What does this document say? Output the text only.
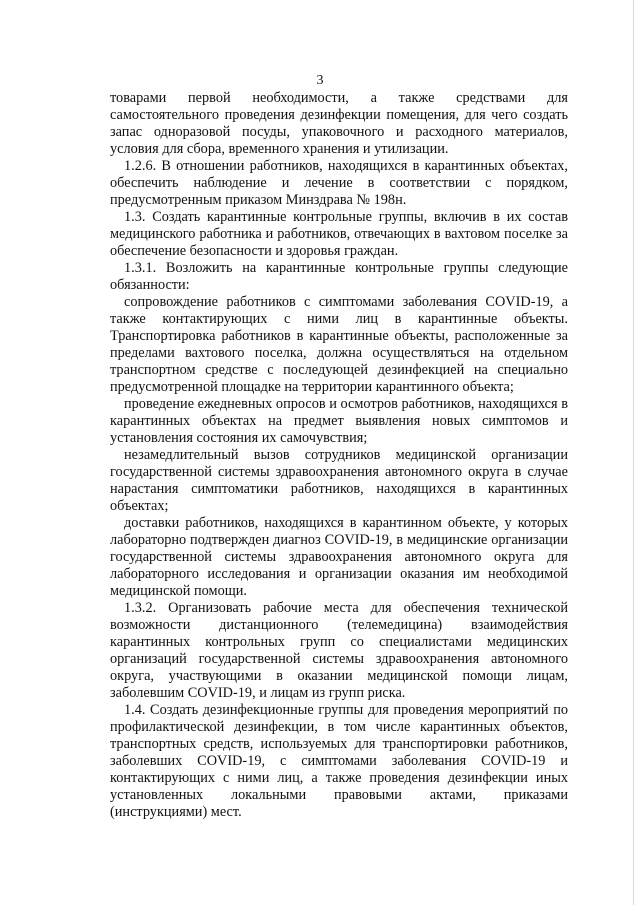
3

товарами первой необходимости, а также средствами для самостоятельного проведения дезинфекции помещения, для чего создать запас одноразовой посуды, упаковочного и расходного материалов, условия для сбора, временного хранения и утилизации.

1.2.6. В отношении работников, находящихся в карантинных объектах, обеспечить наблюдение и лечение в соответствии с порядком, предусмотренным приказом Минздрава № 198н.

1.3. Создать карантинные контрольные группы, включив в их состав медицинского работника и работников, отвечающих в вахтовом поселке за обеспечение безопасности и здоровья граждан.

1.3.1. Возложить на карантинные контрольные группы следующие обязанности:

сопровождение работников с симптомами заболевания COVID-19, а также контактирующих с ними лиц в карантинные объекты. Транспортировка работников в карантинные объекты, расположенные за пределами вахтового поселка, должна осуществляться на отдельном транспортном средстве с последующей дезинфекцией на специально предусмотренной площадке на территории карантинного объекта;

проведение ежедневных опросов и осмотров работников, находящихся в карантинных объектах на предмет выявления новых симптомов и установления состояния их самочувствия;

незамедлительный вызов сотрудников медицинской организации государственной системы здравоохранения автономного округа в случае нарастания симптоматики работников, находящихся в карантинных объектах;

доставки работников, находящихся в карантинном объекте, у которых лабораторно подтвержден диагноз COVID-19, в медицинские организации государственной системы здравоохранения автономного округа для лабораторного исследования и организации оказания им необходимой медицинской помощи.

1.3.2. Организовать рабочие места для обеспечения технической возможности дистанционного (телемедицина) взаимодействия карантинных контрольных групп со специалистами медицинских организаций государственной системы здравоохранения автономного округа, участвующими в оказании медицинской помощи лицам, заболевшим COVID-19, и лицам из групп риска.

1.4. Создать дезинфекционные группы для проведения мероприятий по профилактической дезинфекции, в том числе карантинных объектов, транспортных средств, используемых для транспортировки работников, заболевших COVID-19, с симптомами заболевания COVID-19 и контактирующих с ними лиц, а также проведения дезинфекции иных установленных локальными правовыми актами, приказами (инструкциями) мест.
